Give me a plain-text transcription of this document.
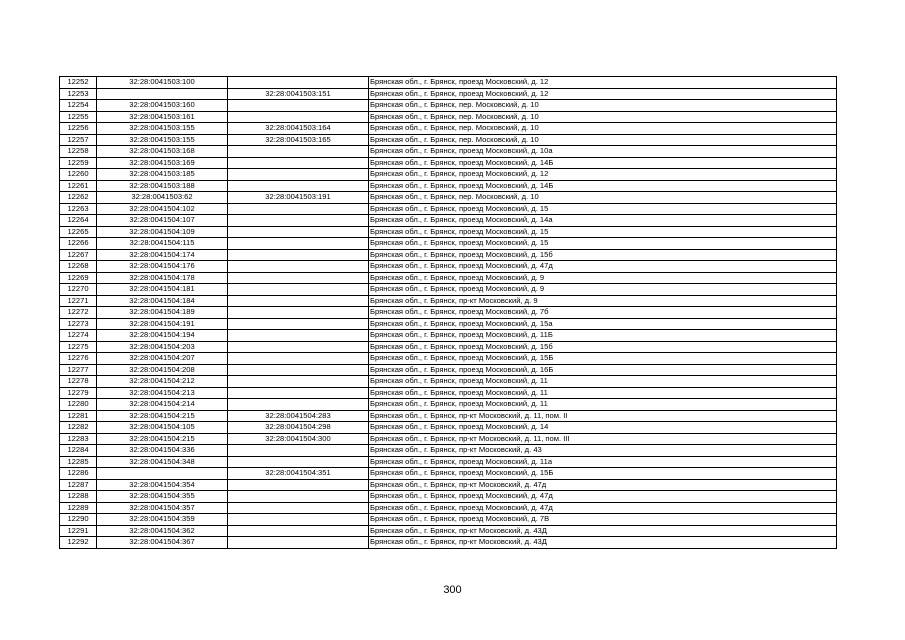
12252	32:28:0041503:100		Брянская обл., г. Брянск, проезд Московский, д. 12
12253		32:28:0041503:151	Брянская обл., г. Брянск, проезд Московский, д. 12
12254	32:28:0041503:160		Брянская обл., г. Брянск, пер. Московский, д. 10
12255	32:28:0041503:161		Брянская обл., г. Брянск, пер. Московский, д. 10
12256	32:28:0041503:155	32:28:0041503:164	Брянская обл., г. Брянск, пер. Московский, д. 10
12257	32:28:0041503:155	32:28:0041503:165	Брянская обл., г. Брянск, пер. Московский, д. 10
12258	32:28:0041503:168		Брянская обл., г. Брянск, проезд Московский, д. 10а
12259	32:28:0041503:169		Брянская обл., г. Брянск, проезд Московский, д. 14Б
12260	32:28:0041503:185		Брянская обл., г. Брянск, проезд Московский, д. 12
12261	32:28:0041503:188		Брянская обл., г. Брянск, проезд Московский, д. 14Б
12262	32:28:0041503:62	32:28:0041503:191	Брянская обл., г. Брянск, пер. Московский, д. 10
12263	32:28:0041504:102		Брянская обл., г. Брянск, проезд Московский, д. 15
12264	32:28:0041504:107		Брянская обл., г. Брянск, проезд Московский, д. 14а
12265	32:28:0041504:109		Брянская обл., г. Брянск, проезд Московский, д. 15
12266	32:28:0041504:115		Брянская обл., г. Брянск, проезд Московский, д. 15
12267	32:28:0041504:174		Брянская обл., г. Брянск, проезд Московский, д. 15б
12268	32:28:0041504:176		Брянская обл., г. Брянск, проезд Московский, д. 47д
12269	32:28:0041504:178		Брянская обл., г. Брянск, проезд Московский, д. 9
12270	32:28:0041504:181		Брянская обл., г. Брянск, проезд Московский, д. 9
12271	32:28:0041504:184		Брянская обл., г. Брянск, пр-кт Московский, д. 9
12272	32:28:0041504:189		Брянская обл., г. Брянск, проезд Московский, д. 7б
12273	32:28:0041504:191		Брянская обл., г. Брянск, проезд Московский, д. 15а
12274	32:28:0041504:194		Брянская обл., г. Брянск, проезд Московский, д. 11Б
12275	32:28:0041504:203		Брянская обл., г. Брянск, проезд Московский, д. 15б
12276	32:28:0041504:207		Брянская обл., г. Брянск, проезд Московский, д. 15Б
12277	32:28:0041504:208		Брянская обл., г. Брянск, проезд Московский, д. 16Б
12278	32:28:0041504:212		Брянская обл., г. Брянск, проезд Московский, д. 11
12279	32:28:0041504:213		Брянская обл., г. Брянск, проезд Московский, д. 11
12280	32:28:0041504:214		Брянская обл., г. Брянск, проезд Московский, д. 11
12281	32:28:0041504:215	32:28:0041504:283	Брянская обл., г. Брянск, пр-кт Московский, д. 11, пом. II
12282	32:28:0041504:105	32:28:0041504:298	Брянская обл., г. Брянск, проезд Московский, д. 14
12283	32:28:0041504:215	32:28:0041504:300	Брянская обл., г. Брянск, пр-кт Московский, д. 11, пом. III
12284	32:28:0041504:336		Брянская обл., г. Брянск, пр-кт Московский, д. 43
12285	32:28:0041504:348		Брянская обл., г. Брянск, проезд Московский, д. 11а
12286		32:28:0041504:351	Брянская обл., г. Брянск, проезд Московский, д. 15Б
12287	32:28:0041504:354		Брянская обл., г. Брянск, пр-кт Московский, д. 47д
12288	32:28:0041504:355		Брянская обл., г. Брянск, проезд Московский, д. 47д
12289	32:28:0041504:357		Брянская обл., г. Брянск, проезд Московский, д. 47д
12290	32:28:0041504:359		Брянская обл., г. Брянск, проезд Московский, д. 7В
12291	32:28:0041504:362		Брянская обл., г. Брянск, пр-кт Московский, д. 43Д
12292	32:28:0041504:367		Брянская обл., г. Брянск, пр-кт Московский, д. 43Д
300
